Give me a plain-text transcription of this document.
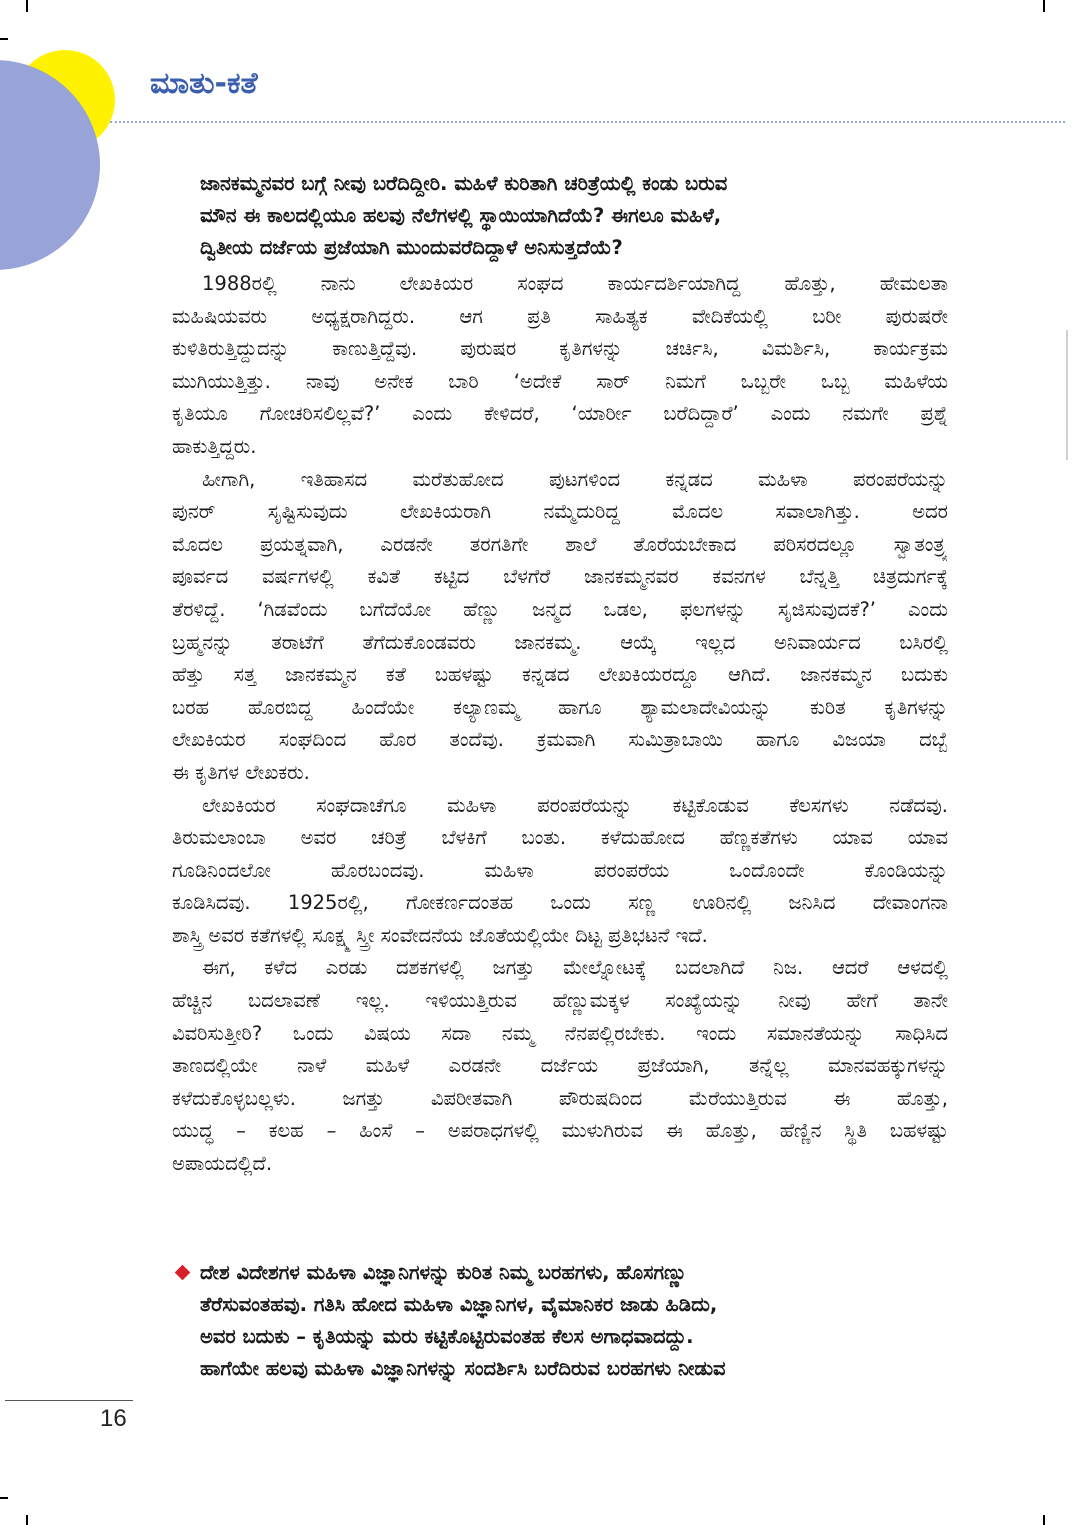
ಮಾತು-ಕತೆ
ಜಾನಕಮ್ಮನವರ ಬಗ್ಗೆ ನೀವು ಬರೆದಿದ್ದೀರಿ. ಮಹಿಳೆ ಕುರಿತಾಗಿ ಚರಿತ್ರೆಯಲ್ಲಿ ಕಂಡು ಬರುವ
ಮೌನ ಈ ಕಾಲದಲ್ಲಿಯೂ ಹಲವು ನೆಲೆಗಳಲ್ಲಿ ಸ್ಥಾಯಿಯಾಗಿದೆಯೆ? ಈಗಲೂ ಮಹಿಳೆ,
ದ್ವಿತೀಯ ದರ್ಜೆಯ ಪ್ರಜೆಯಾಗಿ ಮುಂದುವರೆದಿದ್ದಾಳೆ ಅನಿಸುತ್ತದೆಯೆ?
1988ರಲ್ಲಿ ನಾನು ಲೇಖಕಿಯರ ಸಂಘದ ಕಾರ್ಯದರ್ಶಿಯಾಗಿದ್ದ ಹೊತ್ತು, ಹೇಮಲತಾ
ಮಹಿಷಿಯವರು ಅಧ್ಯಕ್ಷರಾಗಿದ್ದರು. ಆಗ ಪ್ರತಿ ಸಾಹಿತ್ಯಕ ವೇದಿಕೆಯಲ್ಲಿ ಬರೀ ಪುರುಷರೇ
ಕುಳಿತಿರುತ್ತಿದ್ದುದನ್ನು ಕಾಣುತ್ತಿದ್ದೆವು. ಪುರುಷರ ಕೃತಿಗಳನ್ನು ಚರ್ಚಿಸಿ, ವಿಮರ್ಶಿಸಿ, ಕಾರ್ಯಕ್ರಮ
ಮುಗಿಯುತ್ತಿತ್ತು. ನಾವು ಅನೇಕ ಬಾರಿ ‘ಅದೇಕೆ ಸಾರ್ ನಿಮಗೆ ಒಬ್ಬರೇ ಒಬ್ಬ ಮಹಿಳೆಯ
ಕೃತಿಯೂ ಗೋಚರಿಸಲಿಲ್ಲವೆ?’ ಎಂದು ಕೇಳಿದರೆ, ‘ಯಾರ್ರೀ ಬರೆದಿದ್ದಾರೆ’ ಎಂದು ನಮಗೇ ಪ್ರಶ್ನೆ
ಹಾಕುತ್ತಿದ್ದರು.
ಹೀಗಾಗಿ, ಇತಿಹಾಸದ ಮರೆತುಹೋದ ಪುಟಗಳಿಂದ ಕನ್ನಡದ ಮಹಿಳಾ ಪರಂಪರೆಯನ್ನು
ಪುನರ್ ಸೃಷ್ಟಿಸುವುದು ಲೇಖಕಿಯರಾಗಿ ನಮ್ಮೆದುರಿದ್ದ ಮೊದಲ ಸವಾಲಾಗಿತ್ತು. ಅದರ
ಮೊದಲ ಪ್ರಯತ್ನವಾಗಿ, ಎರಡನೇ ತರಗತಿಗೇ ಶಾಲೆ ತೊರೆಯಬೇಕಾದ ಪರಿಸರದಲ್ಲೂ ಸ್ವಾತಂತ್ರ್ಯ
ಪೂರ್ವದ ವರ್ಷಗಳಲ್ಲಿ ಕವಿತೆ ಕಟ್ಟಿದ ಬೆಳಗೆರೆ ಜಾನಕಮ್ಮನವರ ಕವನಗಳ ಬೆನ್ನತ್ತಿ ಚಿತ್ರದುರ್ಗಕ್ಕೆ
ತೆರಳಿದ್ದೆ. ‘ಗಿಡವೆಂದು ಬಗೆದೆಯೋ ಹೆಣ್ಣು ಜನ್ಮದ ಒಡಲ, ಫಲಗಳನ್ನು ಸೃಜಿಸುವುದಕೆ?’ ಎಂದು
ಬ್ರಹ್ಮನನ್ನು ತರಾಟೆಗೆ ತೆಗೆದುಕೊಂಡವರು ಜಾನಕಮ್ಮ. ಆಯ್ಕೆ ಇಲ್ಲದ ಅನಿವಾರ್ಯದ ಬಸಿರಲ್ಲಿ
ಹೆತ್ತು ಸತ್ತ ಜಾನಕಮ್ಮನ ಕತೆ ಬಹಳಷ್ಟು ಕನ್ನಡದ ಲೇಖಕಿಯರದ್ದೂ ಆಗಿದೆ. ಜಾನಕಮ್ಮನ ಬದುಕು
ಬರಹ ಹೊರಬಿದ್ದ ಹಿಂದೆಯೇ ಕಲ್ಯಾಣಮ್ಮ ಹಾಗೂ ಶ್ಯಾಮಲಾದೇವಿಯನ್ನು ಕುರಿತ ಕೃತಿಗಳನ್ನು
ಲೇಖಕಿಯರ ಸಂಘದಿಂದ ಹೊರ ತಂದೆವು. ಕ್ರಮವಾಗಿ ಸುಮಿತ್ರಾಬಾಯಿ ಹಾಗೂ ವಿಜಯಾ ದಬ್ಬೆ
ಈ ಕೃತಿಗಳ ಲೇಖಕರು.
ಲೇಖಕಿಯರ ಸಂಘದಾಚೆಗೂ ಮಹಿಳಾ ಪರಂಪರೆಯನ್ನು ಕಟ್ಟಿಕೊಡುವ ಕೆಲಸಗಳು ನಡೆದವು.
ತಿರುಮಲಾಂಬಾ ಅವರ ಚರಿತ್ರೆ ಬೆಳಕಿಗೆ ಬಂತು. ಕಳೆದುಹೋದ ಹೆಣ್ಣಕತೆಗಳು ಯಾವ ಯಾವ
ಗೂಡಿನಿಂದಲೋ ಹೊರಬಂದವು. ಮಹಿಳಾ ಪರಂಪರೆಯ ಒಂದೊಂದೇ ಕೊಂಡಿಯನ್ನು
ಕೂಡಿಸಿದವು. 1925ರಲ್ಲಿ, ಗೋಕರ್ಣದಂತಹ ಒಂದು ಸಣ್ಣ ಊರಿನಲ್ಲಿ ಜನಿಸಿದ ದೇವಾಂಗನಾ
ಶಾಸ್ತ್ರಿ ಅವರ ಕತೆಗಳಲ್ಲಿ ಸೂಕ್ಷ್ಮ ಸ್ತ್ರೀ ಸಂವೇದನೆಯ ಜೊತೆಯಲ್ಲಿಯೇ ದಿಟ್ಟ ಪ್ರತಿಭಟನೆ ಇದೆ.
ಈಗ, ಕಳೆದ ಎರಡು ದಶಕಗಳಲ್ಲಿ ಜಗತ್ತು ಮೇಲ್ನೋಟಕ್ಕೆ ಬದಲಾಗಿದೆ ನಿಜ. ಆದರೆ ಆಳದಲ್ಲಿ
ಹೆಚ್ಚಿನ ಬದಲಾವಣೆ ಇಲ್ಲ. ಇಳಿಯುತ್ತಿರುವ ಹೆಣ್ಣುಮಕ್ಕಳ ಸಂಖ್ಯೆಯನ್ನು ನೀವು ಹೇಗೆ ತಾನೇ
ವಿವರಿಸುತ್ತೀರಿ? ಒಂದು ವಿಷಯ ಸದಾ ನಮ್ಮ ನೆನಪಲ್ಲಿರಬೇಕು. ಇಂದು ಸಮಾನತೆಯನ್ನು ಸಾಧಿಸಿದ
ತಾಣದಲ್ಲಿಯೇ ನಾಳೆ ಮಹಿಳೆ ಎರಡನೇ ದರ್ಜೆಯ ಪ್ರಜೆಯಾಗಿ, ತನ್ನೆಲ್ಲ ಮಾನವಹಕ್ಕುಗಳನ್ನು
ಕಳೆದುಕೊಳ್ಳಬಲ್ಲಳು. ಜಗತ್ತು ವಿಪರೀತವಾಗಿ ಪೌರುಷದಿಂದ ಮೆರೆಯುತ್ತಿರುವ ಈ ಹೊತ್ತು,
ಯುದ್ಧ – ಕಲಹ – ಹಿಂಸೆ – ಅಪರಾಧಗಳಲ್ಲಿ ಮುಳುಗಿರುವ ಈ ಹೊತ್ತು, ಹೆಣ್ಣಿನ ಸ್ಥಿತಿ ಬಹಳಷ್ಟು
ಅಪಾಯದಲ್ಲಿದೆ.
ದೇಶ ವಿದೇಶಗಳ ಮಹಿಳಾ ವಿಜ್ಞಾನಿಗಳನ್ನು ಕುರಿತ ನಿಮ್ಮ ಬರಹಗಳು, ಹೊಸಗಣ್ಣು
ತೆರೆಸುವಂತಹವು. ಗತಿಸಿ ಹೋದ ಮಹಿಳಾ ವಿಜ್ಞಾನಿಗಳ, ವೈಮಾನಿಕರ ಜಾಡು ಹಿಡಿದು,
ಅವರ ಬದುಕು – ಕೃತಿಯನ್ನು ಮರು ಕಟ್ಟಿಕೊಟ್ಟಿರುವಂತಹ ಕೆಲಸ ಅಗಾಧವಾದದ್ದು.
ಹಾಗೆಯೇ ಹಲವು ಮಹಿಳಾ ವಿಜ್ಞಾನಿಗಳನ್ನು ಸಂದರ್ಶಿಸಿ ಬರೆದಿರುವ ಬರಹಗಳು ನೀಡುವ
16
